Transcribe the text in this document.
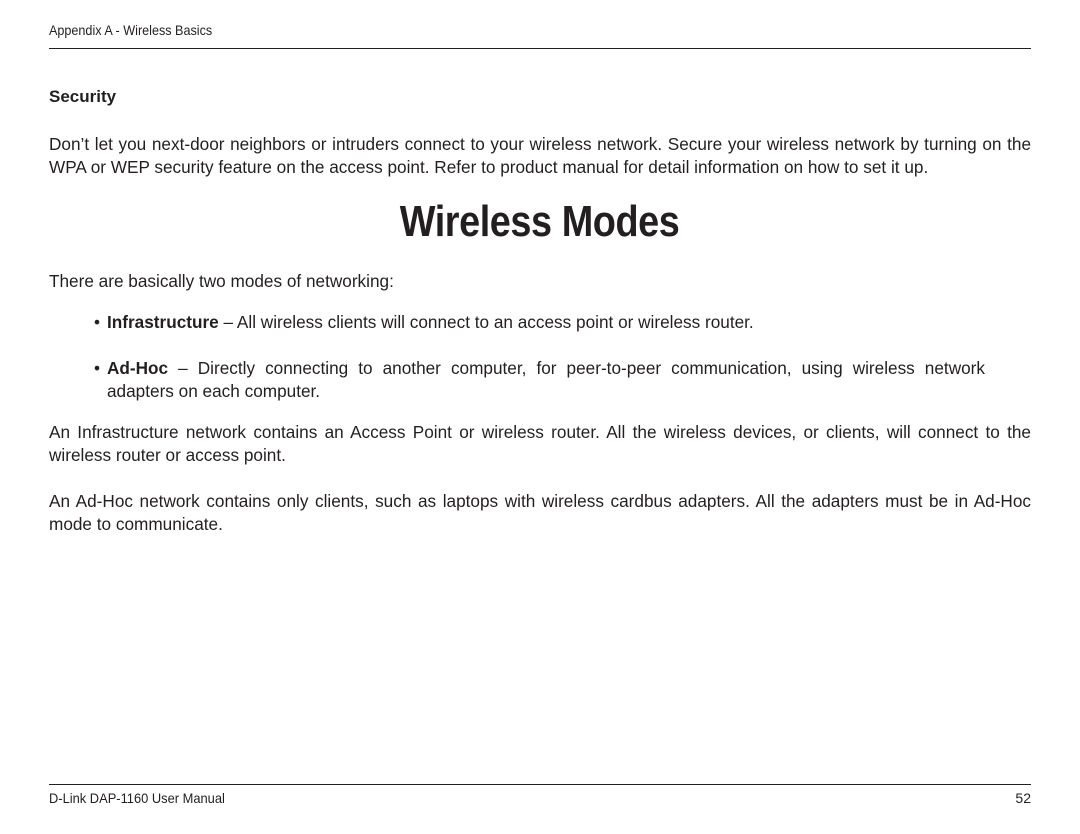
Appendix A - Wireless Basics
Security

Don’t let you next-door neighbors or intruders connect to your wireless network. Secure your wireless network by turning on the WPA or WEP security feature on the access point. Refer to product manual for detail information on how to set it up.

Wireless Modes

There are basically two modes of networking:

• Infrastructure – All wireless clients will connect to an access point or wireless router.

• Ad-Hoc – Directly connecting to another computer, for peer-to-peer communication, using wireless network adapters on each computer.

An Infrastructure network contains an Access Point or wireless router. All the wireless devices, or clients, will connect to the wireless router or access point.

An Ad-Hoc network contains only clients, such as laptops with wireless cardbus adapters. All the adapters must be in Ad-Hoc mode to communicate.

D-Link DAP-1160 User Manual	52
